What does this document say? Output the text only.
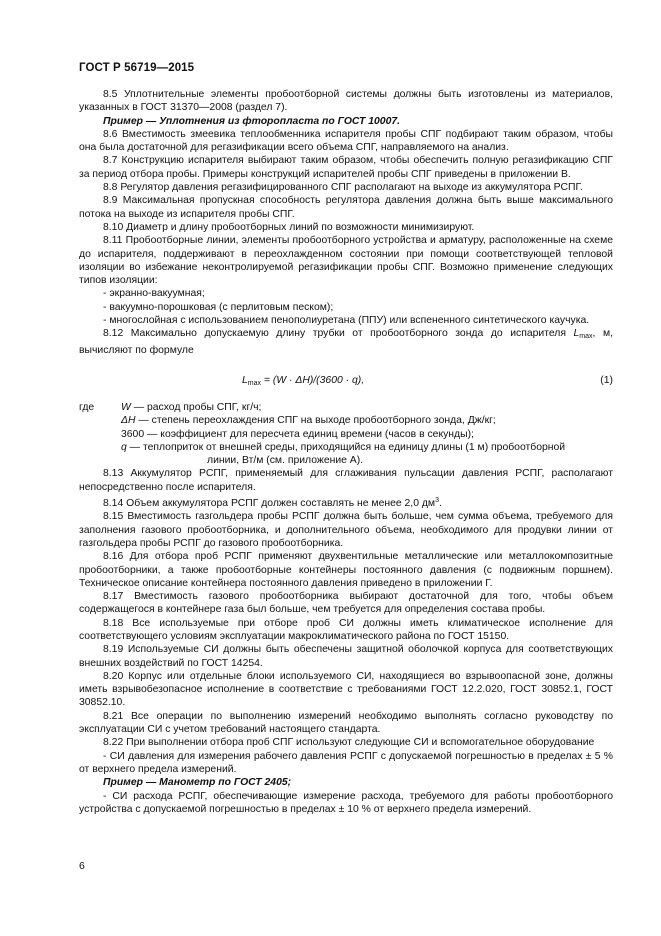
ГОСТ Р 56719—2015

8.5 Уплотнительные элементы пробоотборной системы должны быть изготовлены из материалов, указанных в ГОСТ 31370—2008 (раздел 7).

Пример — Уплотнения из фторопласта по ГОСТ 10007.

8.6 Вместимость змеевика теплообменника испарителя пробы СПГ подбирают таким образом, чтобы она была достаточной для регазификации всего объема СПГ, направляемого на анализ.

8.7 Конструкцию испарителя выбирают таким образом, чтобы обеспечить полную регазификацию СПГ за период отбора пробы. Примеры конструкций испарителей пробы СПГ приведены в приложении В.

8.8 Регулятор давления регазифицированного СПГ располагают на выходе из аккумулятора РСПГ.

8.9 Максимальная пропускная способность регулятора давления должна быть выше максимального потока на выходе из испарителя пробы СПГ.

8.10 Диаметр и длину пробоотборных линий по возможности минимизируют.

8.11 Пробоотборные линии, элементы пробоотборного устройства и арматуру, расположенные на схеме до испарителя, поддерживают в переохлажденном состоянии при помощи соответствующей тепловой изоляции во избежание неконтролируемой регазификации пробы СПГ. Возможно применение следующих типов изоляции:

- экранно-вакуумная;

- вакуумно-порошковая (с перлитовым песком);

- многослойная с использованием пенополиуретана (ППУ) или вспененного синтетического каучука.

8.12 Максимально допускаемую длину трубки от пробоотборного зонда до испарителя $L_{max}$, м, вычисляют по формуле

$L_{max} = (W \cdot \Delta H)/(3600 \cdot q)$,	(1)
где	W — расход пробы СПГ, кг/ч;
ΔH — степень переохлаждения СПГ на выходе пробоотборного зонда, Дж/кг;
3600 — коэффициент для пересчета единиц времени (часов в секунды);
q — теплоприток от внешней среды, приходящийся на единицу длины (1 м) пробоотборной
линии, Вт/м (см. приложение А).

8.13 Аккумулятор РСПГ, применяемый для сглаживания пульсации давления РСПГ, располагают непосредственно после испарителя.

8.14 Объем аккумулятора РСПГ должен составлять не менее 2,0 $дм^3$.

8.15 Вместимость газгольдера пробы РСПГ должна быть больше, чем сумма объема, требуемого для заполнения газового пробоотборника, и дополнительного объема, необходимого для продувки линии от газгольдера пробы РСПГ до газового пробоотборника.

8.16 Для отбора проб РСПГ применяют двухвентильные металлические или металлокомпозитные пробоотборники, а также пробоотборные контейнеры постоянного давления (с подвижным поршнем). Техническое описание контейнера постоянного давления приведено в приложении Г.

8.17 Вместимость газового пробоотборника выбирают достаточной для того, чтобы объем содержащегося в контейнере газа был больше, чем требуется для определения состава пробы.

8.18 Все используемые при отборе проб СИ должны иметь климатическое исполнение для соответствующего условиям эксплуатации макроклиматического района по ГОСТ 15150.

8.19 Используемые СИ должны быть обеспечены защитной оболочкой корпуса для соответствующих внешних воздействий по ГОСТ 14254.

8.20 Корпус или отдельные блоки используемого СИ, находящиеся во взрывоопасной зоне, должны иметь взрывобезопасное исполнение в соответствие с требованиями ГОСТ 12.2.020, ГОСТ 30852.1, ГОСТ 30852.10.

8.21 Все операции по выполнению измерений необходимо выполнять согласно руководству по эксплуатации СИ с учетом требований настоящего стандарта.

8.22 При выполнении отбора проб СПГ используют следующие СИ и вспомогательное оборудование

- СИ давления для измерения рабочего давления РСПГ с допускаемой погрешностью в пределах ± 5 % от верхнего предела измерений.

Пример — Манометр по ГОСТ 2405;

- СИ расхода РСПГ, обеспечивающие измерение расхода, требуемого для работы пробоотборного устройства с допускаемой погрешностью в пределах ± 10 % от верхнего предела измерений.

6
